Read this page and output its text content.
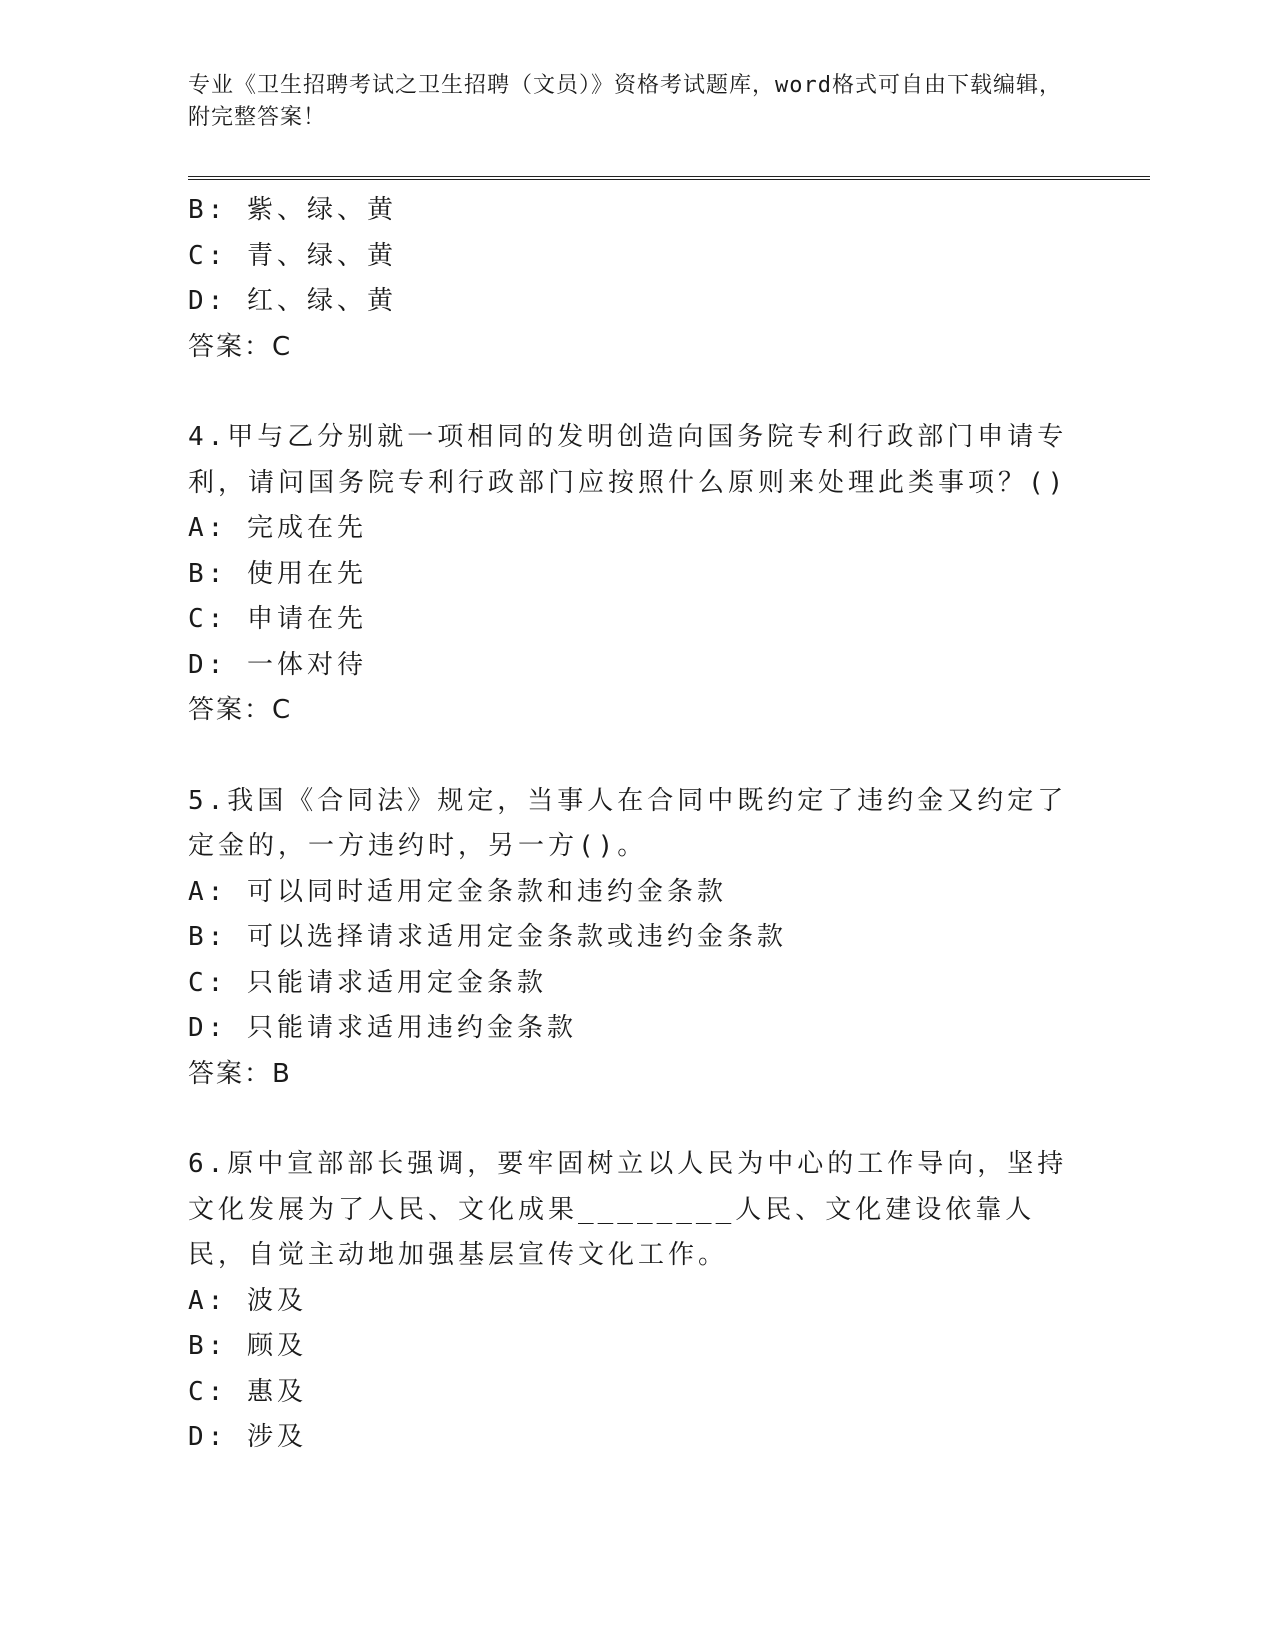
专业《卫生招聘考试之卫生招聘（文员）》资格考试题库，word格式可自由下载编辑，附完整答案！
B: 紫、绿、黄
C: 青、绿、黄
D: 红、绿、黄
答案：C
4.甲与乙分别就一项相同的发明创造向国务院专利行政部门申请专利，请问国务院专利行政部门应按照什么原则来处理此类事项？()
A: 完成在先
B: 使用在先
C: 申请在先
D: 一体对待
答案：C
5.我国《合同法》规定，当事人在合同中既约定了违约金又约定了定金的，一方违约时，另一方()。
A: 可以同时适用定金条款和违约金条款
B: 可以选择请求适用定金条款或违约金条款
C: 只能请求适用定金条款
D: 只能请求适用违约金条款
答案：B
6.原中宣部部长强调，要牢固树立以人民为中心的工作导向，坚持文化发展为了人民、文化成果________人民、文化建设依靠人民，自觉主动地加强基层宣传文化工作。
A: 波及
B: 顾及
C: 惠及
D: 涉及
